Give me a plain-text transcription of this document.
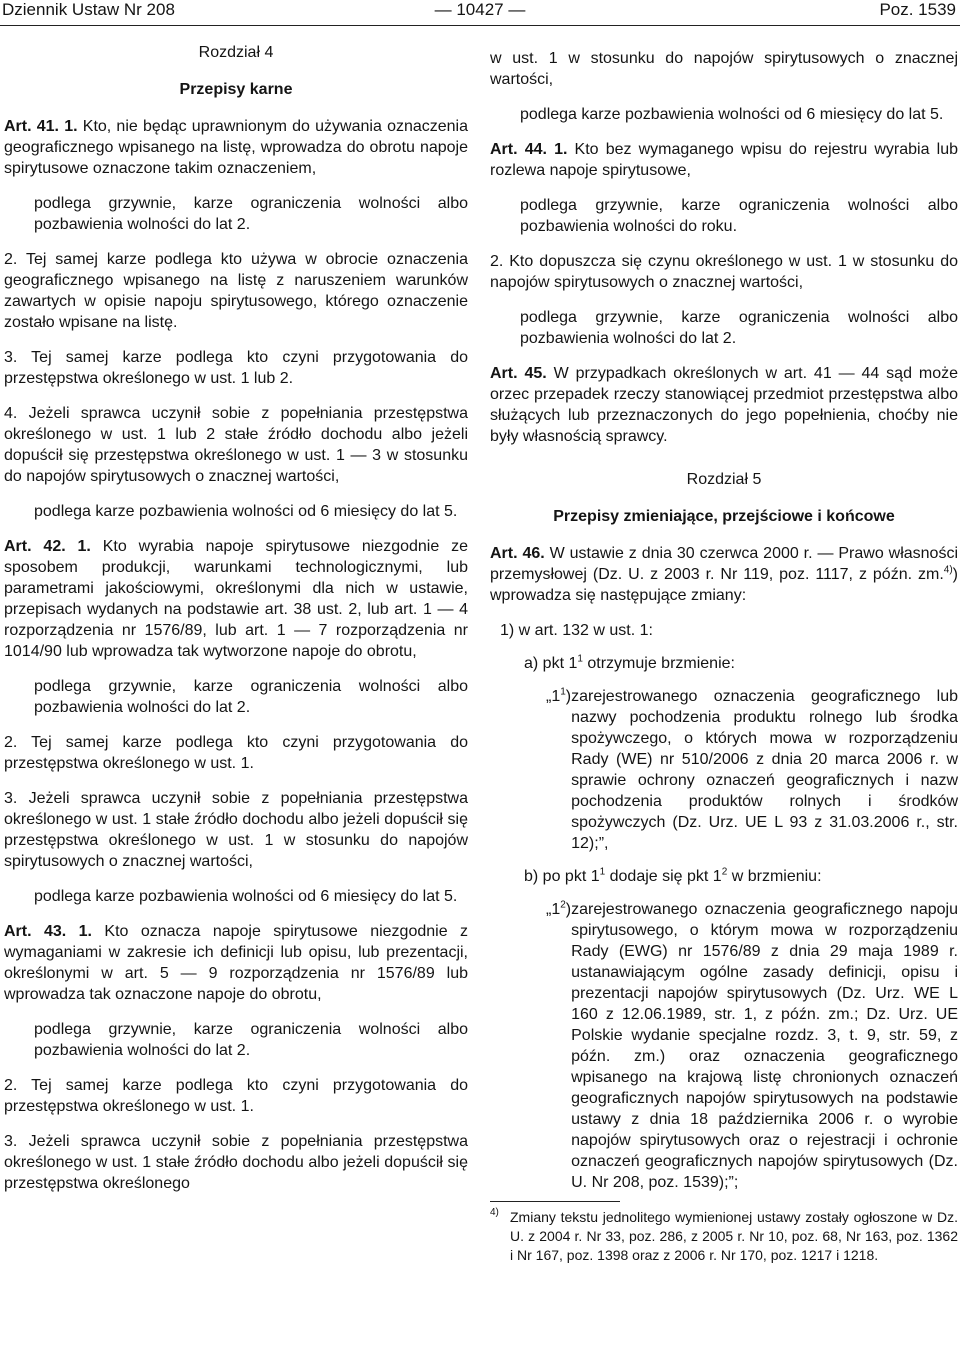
Dziennik Ustaw Nr 208	— 10427 —	Poz. 1539

Rozdział 4

Przepisy karne

Art. 41. 1. Kto, nie będąc uprawnionym do używania oznaczenia geograficznego wpisanego na listę, wprowadza do obrotu napoje spirytusowe oznaczone takim oznaczeniem,

podlega grzywnie, karze ograniczenia wolności albo pozbawienia wolności do lat 2.

2. Tej samej karze podlega kto używa w obrocie oznaczenia geograficznego wpisanego na listę z naruszeniem warunków zawartych w opisie napoju spirytusowego, którego oznaczenie zostało wpisane na listę.

3. Tej samej karze podlega kto czyni przygotowania do przestępstwa określonego w ust. 1 lub 2.

4. Jeżeli sprawca uczynił sobie z popełniania przestępstwa określonego w ust. 1 lub 2 stałe źródło dochodu albo jeżeli dopuścił się przestępstwa określonego w ust. 1 — 3 w stosunku do napojów spirytusowych o znacznej wartości,

podlega karze pozbawienia wolności od 6 miesięcy do lat 5.

Art. 42. 1. Kto wyrabia napoje spirytusowe niezgodnie ze sposobem produkcji, warunkami technologicznymi, lub parametrami jakościowymi, określonymi dla nich w ustawie, przepisach wydanych na podstawie art. 38 ust. 2, lub art. 1 — 4 rozporządzenia nr 1576/89, lub art. 1 — 7 rozporządzenia nr 1014/90 lub wprowadza tak wytworzone napoje do obrotu,

podlega grzywnie, karze ograniczenia wolności albo pozbawienia wolności do lat 2.

2. Tej samej karze podlega kto czyni przygotowania do przestępstwa określonego w ust. 1.

3. Jeżeli sprawca uczynił sobie z popełniania przestępstwa określonego w ust. 1 stałe źródło dochodu albo jeżeli dopuścił się przestępstwa określonego w ust. 1 w stosunku do napojów spirytusowych o znacznej wartości,

podlega karze pozbawienia wolności od 6 miesięcy do lat 5.

Art. 43. 1. Kto oznacza napoje spirytusowe niezgodnie z wymaganiami w zakresie ich definicji lub opisu, lub prezentacji, określonymi w art. 5 — 9 rozporządzenia nr 1576/89 lub wprowadza tak oznaczone napoje do obrotu,

podlega grzywnie, karze ograniczenia wolności albo pozbawienia wolności do lat 2.

2. Tej samej karze podlega kto czyni przygotowania do przestępstwa określonego w ust. 1.

3. Jeżeli sprawca uczynił sobie z popełniania przestępstwa określonego w ust. 1 stałe źródło dochodu albo jeżeli dopuścił się przestępstwa określonego

w ust. 1 w stosunku do napojów spirytusowych o znacznej wartości,

podlega karze pozbawienia wolności od 6 miesięcy do lat 5.

Art. 44. 1. Kto bez wymaganego wpisu do rejestru wyrabia lub rozlewa napoje spirytusowe,

podlega grzywnie, karze ograniczenia wolności albo pozbawienia wolności do roku.

2. Kto dopuszcza się czynu określonego w ust. 1 w stosunku do napojów spirytusowych o znacznej wartości,

podlega grzywnie, karze ograniczenia wolności albo pozbawienia wolności do lat 2.

Art. 45. W przypadkach określonych w art. 41 — 44 sąd może orzec przepadek rzeczy stanowiącej przedmiot przestępstwa albo służących lub przeznaczonych do jego popełnienia, choćby nie były własnością sprawcy.

Rozdział 5

Przepisy zmieniające, przejściowe i końcowe

Art. 46. W ustawie z dnia 30 czerwca 2000 r. — Prawo własności przemysłowej (Dz. U. z 2003 r. Nr 119, poz. 1117, z późn. zm.$^{4)}$) wprowadza się następujące zmiany:

1) w art. 132 w ust. 1:
a) pkt $1^1$ otrzymuje brzmienie:
$„1^1$) zarejestrowanego oznaczenia geograficznego lub nazwy pochodzenia produktu rolnego lub środka spożywczego, o których mowa w rozporządzeniu Rady (WE) nr 510/2006 z dnia 20 marca 2006 r. w sprawie ochrony oznaczeń geograficznych i nazw pochodzenia produktów rolnych i środków spożywczych (Dz. Urz. UE L 93 z 31.03.2006 r., str. 12);”,
b) po pkt $1^1$ dodaje się pkt $1^2$ w brzmieniu:
$„1^2$) zarejestrowanego oznaczenia geograficznego napoju spirytusowego, o którym mowa w rozporządzeniu Rady (EWG) nr 1576/89 z dnia 29 maja 1989 r. ustanawiającym ogólne zasady definicji, opisu i prezentacji napojów spirytusowych (Dz. Urz. WE L 160 z 12.06.1989, str. 1, z późn. zm.; Dz. Urz. UE Polskie wydanie specjalne rozdz. 3, t. 9, str. 59, z późn. zm.) oraz oznaczenia geograficznego wpisanego na krajową listę chronionych oznaczeń geograficznych napojów spirytusowych na podstawie ustawy z dnia 18 października 2006 r. o wyrobie napojów spirytusowych oraz o rejestracji i ochronie oznaczeń geograficznych napojów spirytusowych (Dz. U. Nr 208, poz. 1539);”;
4) Zmiany tekstu jednolitego wymienionej ustawy zostały ogłoszone w Dz. U. z 2004 r. Nr 33, poz. 286, z 2005 r. Nr 10, poz. 68, Nr 163, poz. 1362 i Nr 167, poz. 1398 oraz z 2006 r. Nr 170, poz. 1217 i 1218.
